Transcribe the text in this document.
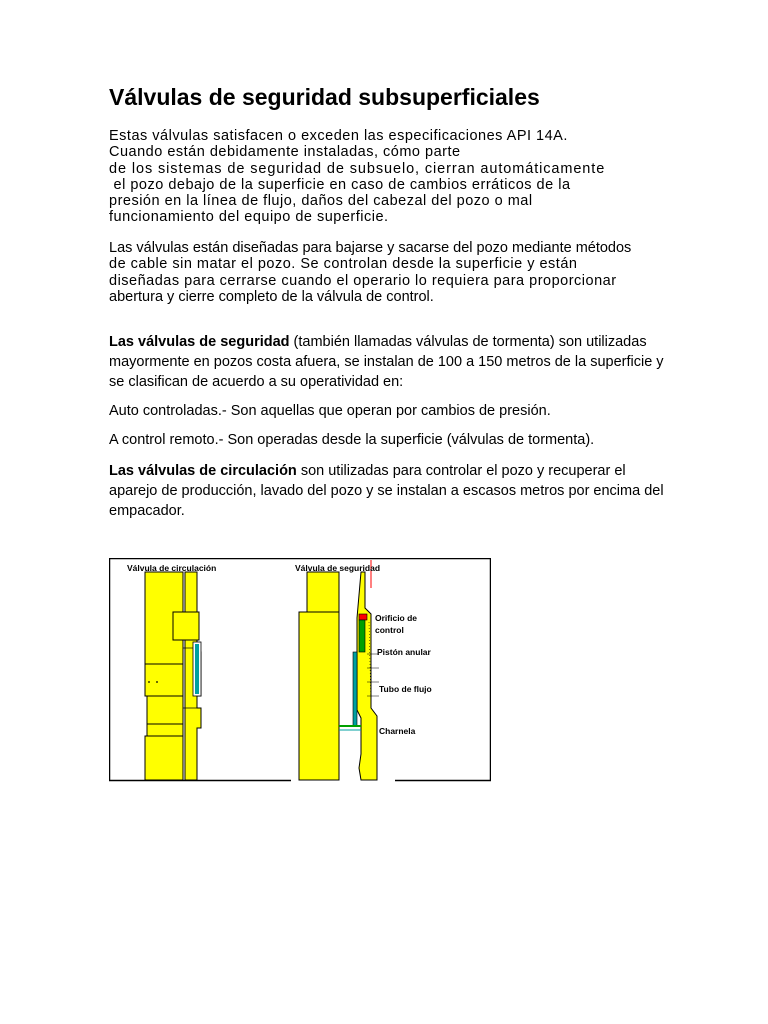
Válvulas de seguridad subsuperficiales
Estas válvulas satisfacen o exceden las especificaciones API 14A.
Cuando están debidamente instaladas, cómo parte
de los sistemas de seguridad de subsuelo, cierran automáticamente
el pozo debajo de la superficie en caso de cambios erráticos de la
presión en la línea de flujo, daños del cabezal del pozo o mal
funcionamiento del equipo de superficie.
Las válvulas están diseñadas para bajarse y sacarse del pozo mediante métodos
de cable sin matar el pozo. Se controlan desde la superficie y están
diseñadas para cerrarse cuando el operario lo requiera para proporcionar
abertura y cierre completo de la válvula de control.

Las válvulas de seguridad (también llamadas válvulas de tormenta) son utilizadas mayormente en pozos costa afuera, se instalan de 100 a 150 metros de la superficie y se clasifican de acuerdo a su operatividad en:

Auto controladas.- Son aquellas que operan por cambios de presión.

A control remoto.- Son operadas desde la superficie (válvulas de tormenta).

Las válvulas de circulación son utilizadas para controlar el pozo y recuperar el aparejo de producción, lavado del pozo y se instalan a escasos metros por encima del empacador.

Válvula de circulación	Válvula de seguridad
Orificio de
control
Pistón anular
Tubo de flujo
Charnela
